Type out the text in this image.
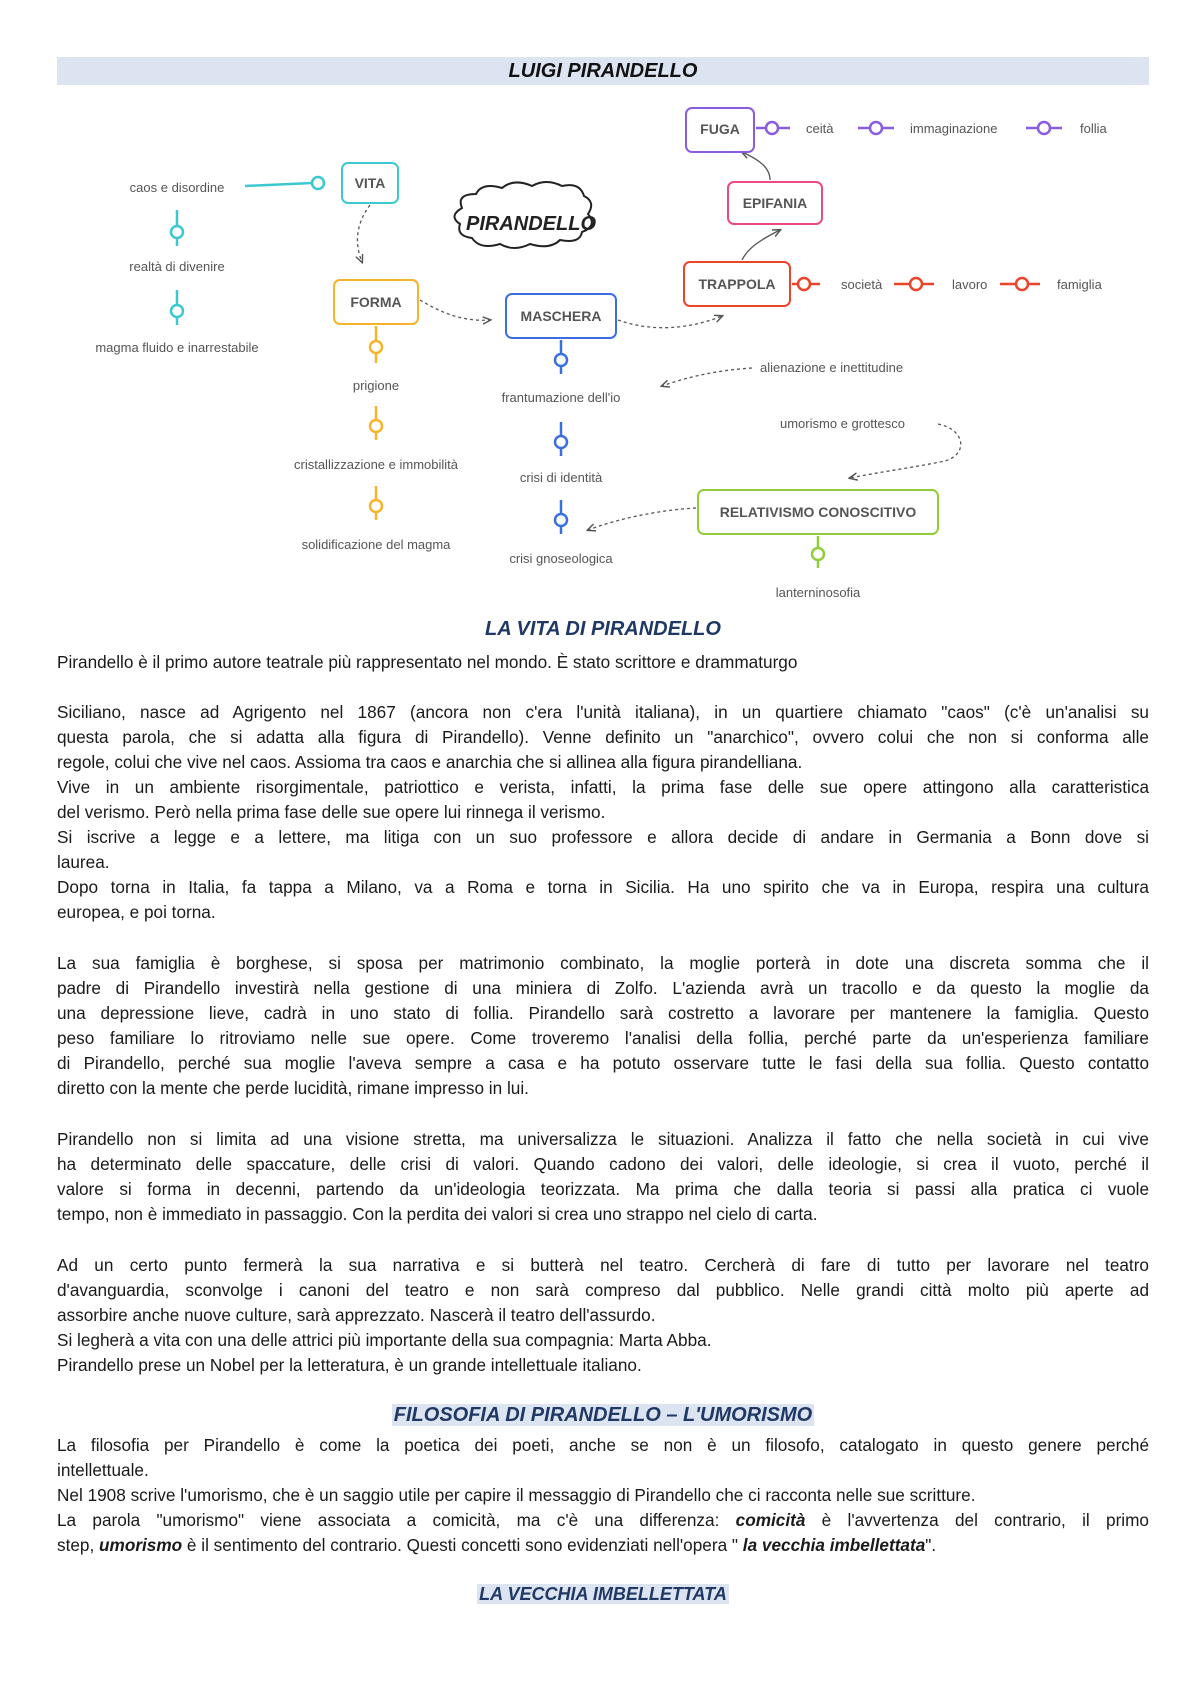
LUIGI PIRANDELLO
PIRANDELLO
VITA
caos e disordine
realtà di divenire
magma fluido e inarrestabile
FORMA
prigione
cristallizzazione e immobilità
solidificazione del magma
MASCHERA
frantumazione dell'io
crisi di identità
crisi gnoseologica
TRAPPOLA	società	lavoro	famiglia
EPIFANIA
FUGA	ceità	immaginazione	follia
alienazione e inettitudine
umorismo e grottesco
RELATIVISMO CONOSCITIVO
lanterninosofia
LA VITA DI PIRANDELLO

Pirandello è il primo autore teatrale più rappresentato nel mondo. È stato scrittore e drammaturgo

Siciliano, nasce ad Agrigento nel 1867 (ancora non c'era l'unità italiana), in un quartiere chiamato "caos" (c'è un'analisi su
questa parola, che si adatta alla figura di Pirandello). Venne definito un "anarchico", ovvero colui che non si conforma alle
regole, colui che vive nel caos. Assioma tra caos e anarchia che si allinea alla figura pirandelliana.
Vive in un ambiente risorgimentale, patriottico e verista, infatti, la prima fase delle sue opere attingono alla caratteristica
del verismo. Però nella prima fase delle sue opere lui rinnega il verismo.
Si iscrive a legge e a lettere, ma litiga con un suo professore e allora decide di andare in Germania a Bonn dove si
laurea.
Dopo torna in Italia, fa tappa a Milano, va a Roma e torna in Sicilia. Ha uno spirito che va in Europa, respira una cultura
europea, e poi torna.

La sua famiglia è borghese, si sposa per matrimonio combinato, la moglie porterà in dote una discreta somma che il
padre di Pirandello investirà nella gestione di una miniera di Zolfo. L'azienda avrà un tracollo e da questo la moglie da
una depressione lieve, cadrà in uno stato di follia. Pirandello sarà costretto a lavorare per mantenere la famiglia. Questo
peso familiare lo ritroviamo nelle sue opere. Come troveremo l'analisi della follia, perché parte da un'esperienza familiare
di Pirandello, perché sua moglie l'aveva sempre a casa e ha potuto osservare tutte le fasi della sua follia. Questo contatto
diretto con la mente che perde lucidità, rimane impresso in lui.

Pirandello non si limita ad una visione stretta, ma universalizza le situazioni. Analizza il fatto che nella società in cui vive
ha determinato delle spaccature, delle crisi di valori. Quando cadono dei valori, delle ideologie, si crea il vuoto, perché il
valore si forma in decenni, partendo da un'ideologia teorizzata. Ma prima che dalla teoria si passi alla pratica ci vuole
tempo, non è immediato in passaggio. Con la perdita dei valori si crea uno strappo nel cielo di carta.

Ad un certo punto fermerà la sua narrativa e si butterà nel teatro. Cercherà di fare di tutto per lavorare nel teatro
d'avanguardia, sconvolge i canoni del teatro e non sarà compreso dal pubblico. Nelle grandi città molto più aperte ad
assorbire anche nuove culture, sarà apprezzato. Nascerà il teatro dell'assurdo.
Si legherà a vita con una delle attrici più importante della sua compagnia: Marta Abba.
Pirandello prese un Nobel per la letteratura, è un grande intellettuale italiano.

FILOSOFIA DI PIRANDELLO – L'UMORISMO

La filosofia per Pirandello è come la poetica dei poeti, anche se non è un filosofo, catalogato in questo genere perché
intellettuale.
Nel 1908 scrive l'umorismo, che è un saggio utile per capire il messaggio di Pirandello che ci racconta nelle sue scritture.
La parola "umorismo" viene associata a comicità, ma c'è una differenza: comicità è l'avvertenza del contrario, il primo
step, umorismo è il sentimento del contrario. Questi concetti sono evidenziati nell'opera " la vecchia imbellettata".

LA VECCHIA IMBELLETTATA
